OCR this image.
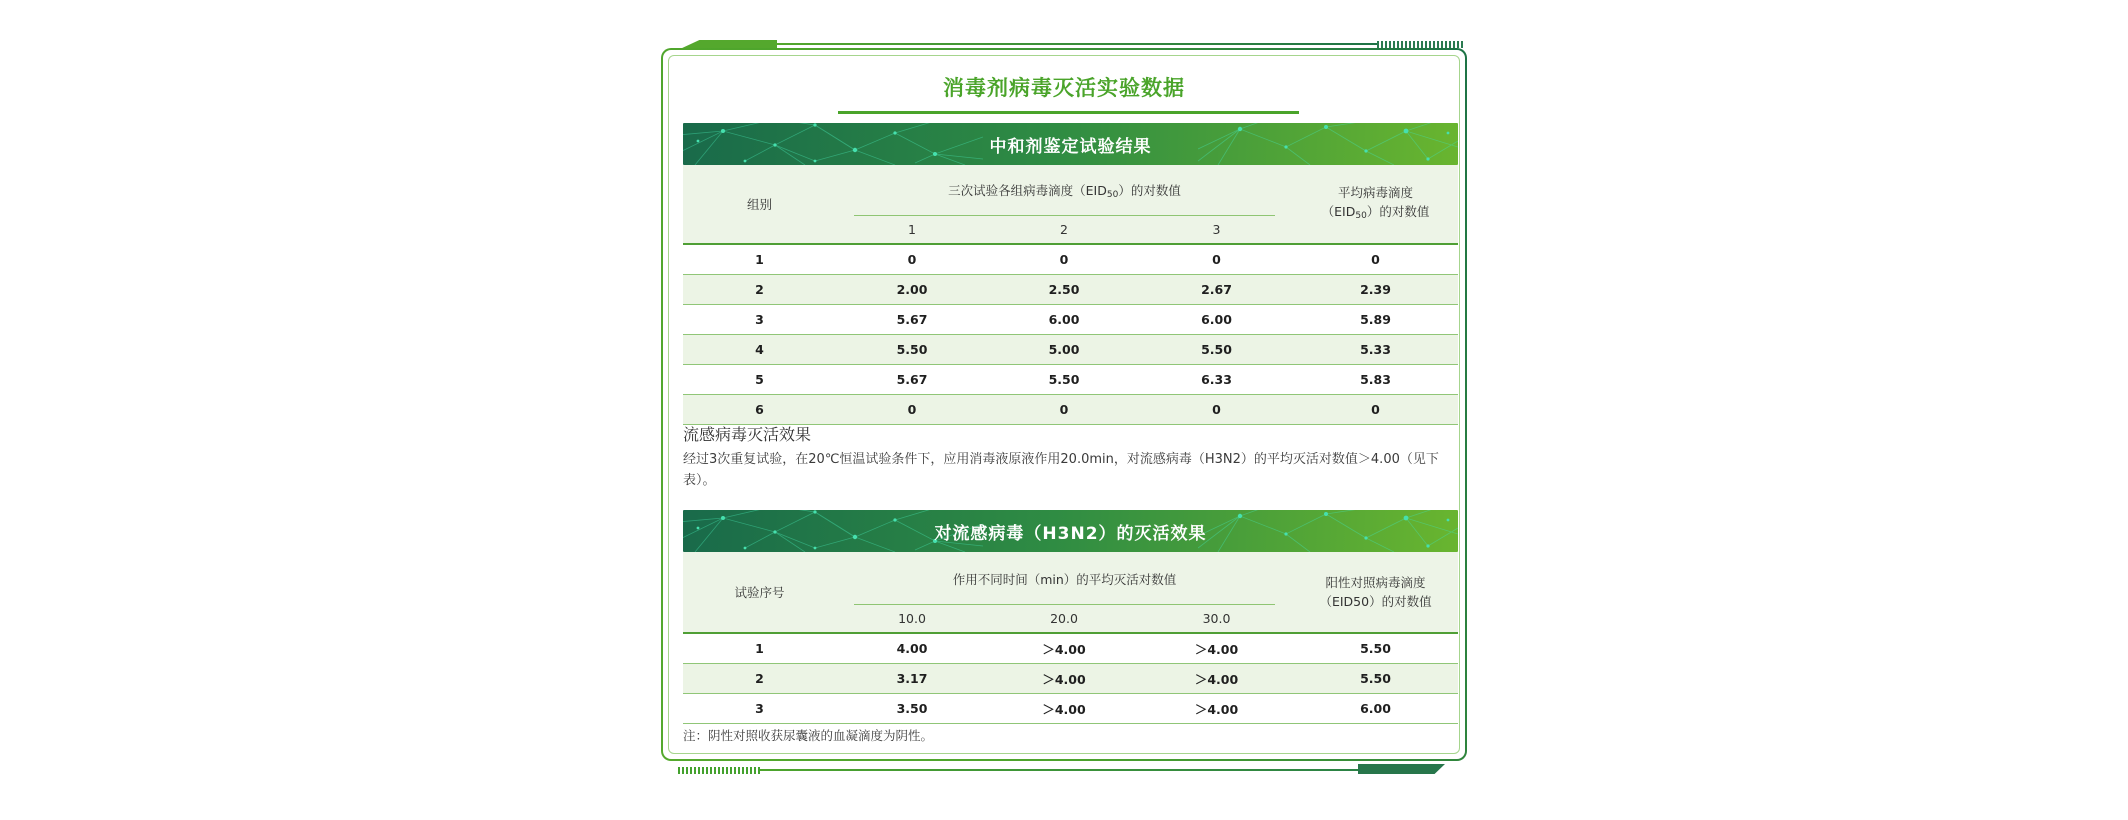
消毒剂病毒灭活实验数据
中和剂鉴定试验结果
组别	三次试验各组病毒滴度$(EID_{50})$的对数值			平均病毒滴度
$(EID_{50})$的对数值

	1	2	3	
1	0	0	0	0
2	2.00	2.50	2.67	2.39
3	5.67	6.00	6.00	5.89
4	5.50	5.00	5.50	5.33
5	5.67	5.50	6.33	5.83
6	0	0	0	0
流感病毒灭活效果
经过3次重复试验，在20℃恒温试验条件下，应用消毒液原液作用20.0min，对流感病毒（H3N2）的平均灭活对数值＞4.00（见下表）。
对流感病毒（H3N2）的灭活效果
试验序号	作用不同时间（min）的平均灭活对数值			阳性对照病毒滴度
（EID50）的对数值

	10.0	20.0	30.0	
1	4.00	＞4.00	＞4.00	5.50
2	3.17	＞4.00	＞4.00	5.50
3	3.50	＞4.00	＞4.00	6.00
注：阴性对照收获尿囊液的血凝滴度为阴性。
